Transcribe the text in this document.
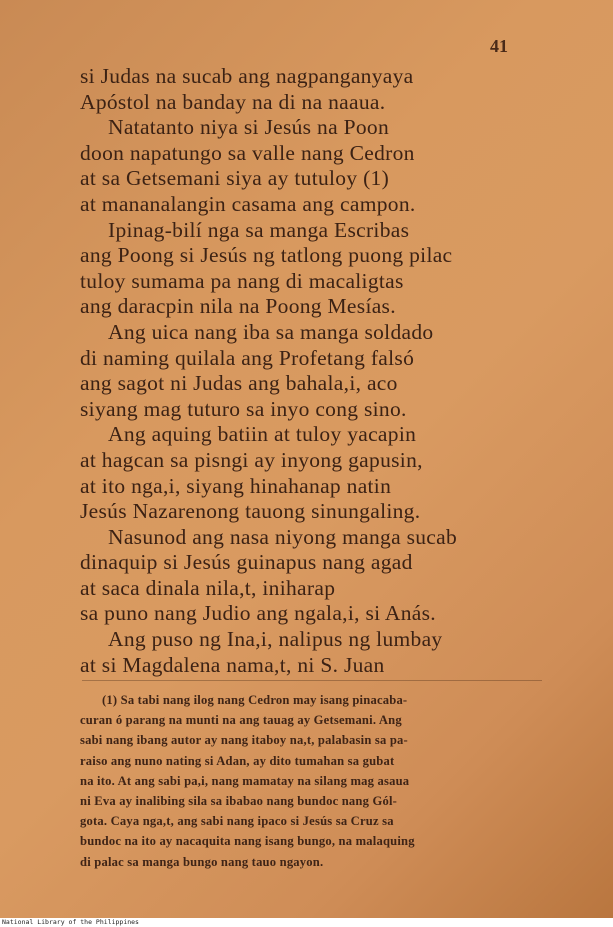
41
si Judas na sucab ang nagpanganyaya
Apóstol na banday na di na naaua.
Natatanto niya si Jesús na Poon
doon napatungo sa valle nang Cedron
at sa Getsemani siya ay tutuloy (1)
at mananalangin casama ang campon.
Ipinag-bilí nga sa manga Escribas
ang Poong si Jesús ng tatlong puong pilac
tuloy sumama pa nang di macaligtas
ang daracpin nila na Poong Mesías.
Ang uica nang iba sa manga soldado
di naming quilala ang Profetang falsó
ang sagot ni Judas ang bahala,i, aco
siyang mag tuturo sa inyo cong sino.
Ang aquing batiin at tuloy yacapin
at hagcan sa pisngi ay inyong gapusin,
at ito nga,i, siyang hinahanap natin
Jesús Nazarenong tauong sinungaling.
Nasunod ang nasa niyong manga sucab
dinaquip si Jesús guinapus nang agad
at saca dinala nila,t, iniharap
sa puno nang Judio ang ngala,i, si Anás.
Ang puso ng Ina,i, nalipus ng lumbay
at si Magdalena nama,t, ni S. Juan
(1) Sa tabi nang ilog nang Cedron may isang pinacaba-
curan ó parang na munti na ang tauag ay Getsemani. Ang
sabi nang ibang autor ay nang itaboy na,t, palabasin sa pa-
raiso ang nuno nating si Adan, ay dito tumahan sa gubat
na ito. At ang sabi pa,i, nang mamatay na silang mag asaua
ni Eva ay inalibing sila sa ibabao nang bundoc nang Gól-
gota. Caya nga,t, ang sabi nang ipaco si Jesús sa Cruz sa
bundoc na ito ay nacaquita nang isang bungo, na malaquing
di palac sa manga bungo nang tauo ngayon.
National Library of the Philippines
